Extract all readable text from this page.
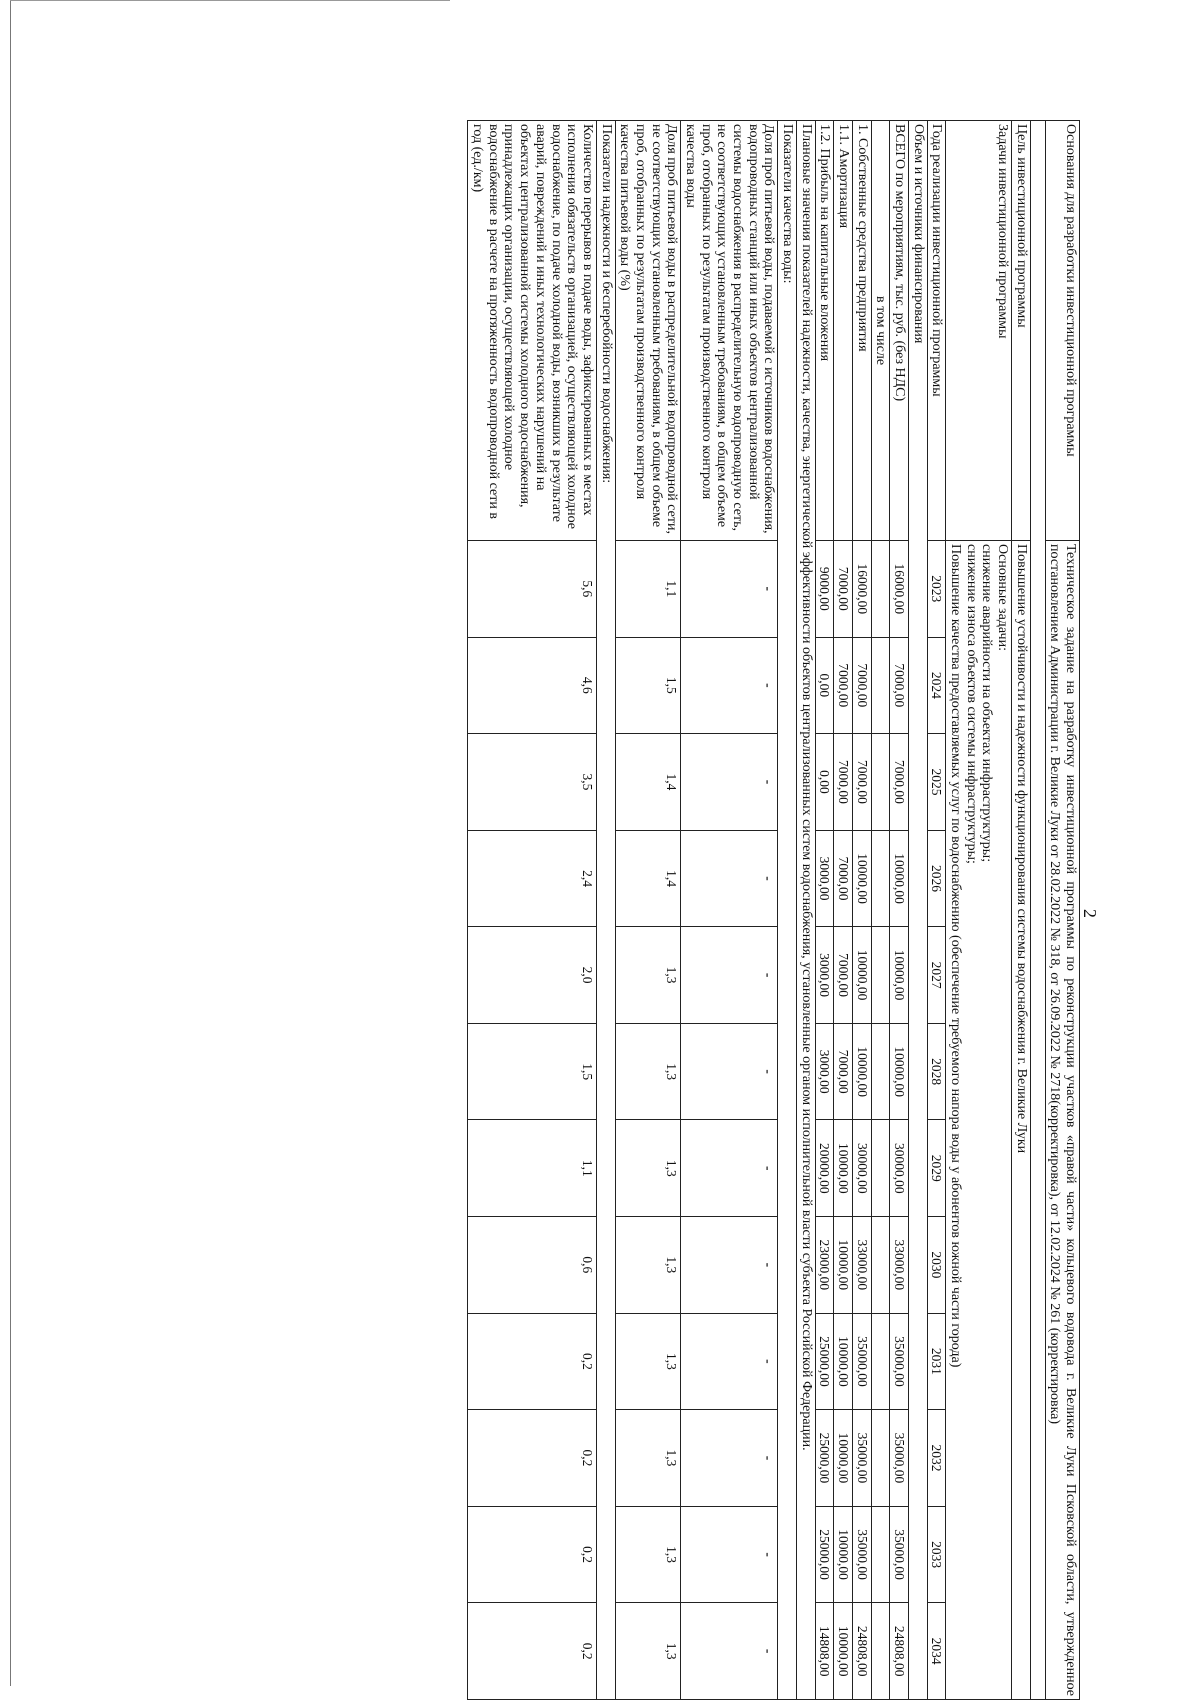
2
Основания для разработки инвестиционной программы	Техническое задание на разработку инвестиционной программы по реконструкции участков «правой части» кольцевого водовода г. Великие Луки Псковской области, утвержденное постановлением Администрации г. Великие Луки от 28.02.2022 № 318, от 26.09.2022 № 2718(корректировка), от 12.02.2024 № 261 (корректировка)											

Цель инвестиционной программы	Повышение устойчивости и надежности функционирования системы водоснабжения г. Великие Луки											
Задачи инвестиционной программы	Основные задачи:
снижение аварийности на объектах инфраструктуры;
снижение износа объектов системы инфраструктуры;
Повышение качества предоставляемых услуг по водоснабжению (обеспечение требуемого напора воды у абонентов южной части города)											

Года реализации инвестиционной программы	2023	2024	2025	2026	2027	2028	2029	2030	2031	2032	2033	2034
Объем и источники финансирования												
ВСЕГО по мероприятиям, тыс. руб. (без НДС)	16000,00	7000,00	7000,00	10000,00	10000,00	10000,00	30000,00	33000,00	35000,00	35000,00	35000,00	24808,00
в том числе												
1. Собственные средства предприятия	16000,00	7000,00	7000,00	10000,00	10000,00	10000,00	30000,00	33000,00	35000,00	35000,00	35000,00	24808,00
1.1. Амортизация	7000,00	7000,00	7000,00	7000,00	7000,00	7000,00	10000,00	10000,00	10000,00	10000,00	10000,00	10000,00
1.2. Прибыль на капитальные вложения	9000,00	0,00	0,00	3000,00	3000,00	3000,00	20000,00	23000,00	25000,00	25000,00	25000,00	14808,00
Плановые значения показателей надежности, качества, энергетической эффективности объектов централизованных систем водоснабжения, установленные органом исполнительной власти субъекта Российской Федерации.												
Показатели качества воды:												
Доля проб питьевой воды, подаваемой с источников водоснабжения, водопроводных станций или иных объектов централизованной системы водоснабжения в распределительную водопроводную сеть, не соответствующих установленным требованиям, в общем объеме проб, отобранных по результатам производственного контроля качества воды	-	-	-	-	-	-	-	-	-	-	-	-
Доля проб питьевой воды в распределительной водопроводной сети, не соответствующих установленным требованиям, в общем объеме проб, отобранных по результатам производственного контроля качества питьевой воды (%)	1,1	1,5	1,4	1,4	1,3	1,3	1,3	1,3	1,3	1,3	1,3	1,3
Показатели надежности и бесперебойности водоснабжения:												
Количество перерывов в подаче воды, зафиксированных в местах исполнения обязательств организацией, осуществляющей холодное водоснабжение, по подаче холодной воды, возникших в результате аварий, повреждений и иных технологических нарушений на объектах централизованной системы холодного водоснабжения, принадлежащих организации, осуществляющей холодное водоснабжение в расчете на протяженность водопроводной сети в год (ед./км)	5,6	4,6	3,5	2,4	2,0	1,5	1,1	0,6	0,2	0,2	0,2	0,2
